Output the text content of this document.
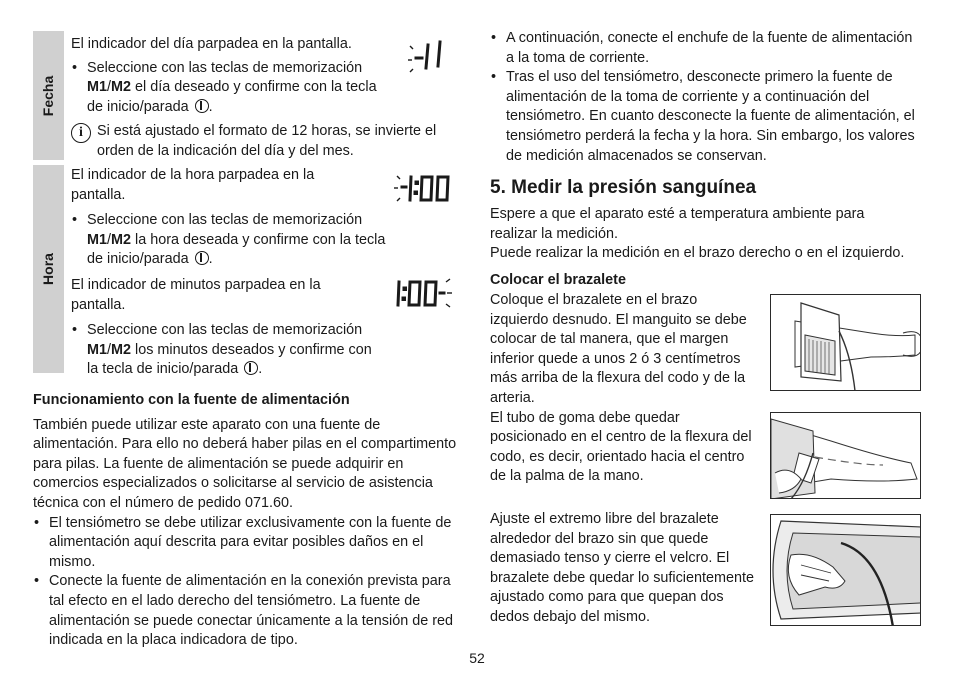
Fecha
Hora

El indicador del día parpadea en la pantalla.

• Seleccione con las teclas de memorización
M1/M2 el día deseado y confirme con la tecla de inicio/parada .
i Si está ajustado el formato de 12 horas, se invierte el orden de la indicación del día y del mes.

El indicador de la hora parpadea en la pantalla.

• Seleccione con las teclas de memorización
M1/M2 la hora deseada y confirme con la tecla de inicio/parada .

El indicador de minutos parpadea en la pantalla.

• Seleccione con las teclas de memorización
M1/M2 los minutos deseados y confirme con la tecla de inicio/parada .
Funcionamiento con la fuente de alimentación

También puede utilizar este aparato con una fuente de alimentación. Para ello no deberá haber pilas en el compartimento para pilas. La fuente de alimentación se puede adquirir en comercios especializados o solicitarse al servicio de asistencia técnica con el número de pedido 071.60.

• El tensiómetro se debe utilizar exclusivamente con la fuente de alimentación aquí descrita para evitar posibles daños en el mismo.
• Conecte la fuente de alimentación en la conexión prevista para tal efecto en el lado derecho del tensiómetro. La fuente de alimentación se puede conectar únicamente a la tensión de red indicada en la placa indicadora de tipo.
• A continuación, conecte el enchufe de la fuente de alimentación a la toma de corriente.
• Tras el uso del tensiómetro, desconecte primero la fuente de alimentación de la toma de corriente y a continuación del tensiómetro. En cuanto desconecte la fuente de alimentación, el tensiómetro perderá la fecha y la hora. Sin embargo, los valores de medición almacenados se conservan.
5. Medir la presión sanguínea

Espere a que el aparato esté a temperatura ambiente para realizar la medición.

Puede realizar la medición en el brazo derecho o en el izquierdo.

Colocar el brazalete

Coloque el brazalete en el brazo izquierdo desnudo. El manguito se debe colocar de tal manera, que el margen inferior quede a unos 2 ó 3 centímetros más arriba de la flexura del codo y de la arteria.

El tubo de goma debe quedar posicionado en el centro de la flexura del codo, es decir, orientado hacia el centro de la palma de la mano.

Ajuste el extremo libre del brazalete alrededor del brazo sin que quede demasiado tenso y cierre el velcro. El brazalete debe quedar lo suficientemente ajustado como para que quepan dos dedos debajo del mismo.

52
